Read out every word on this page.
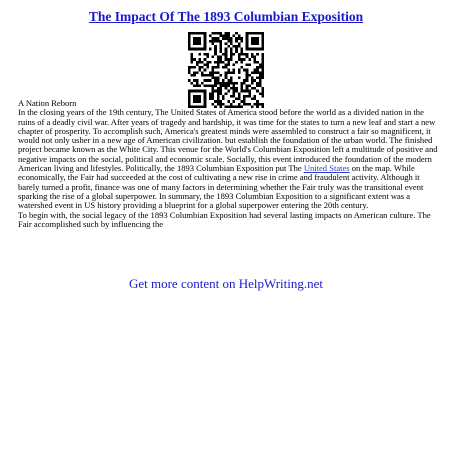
The Impact Of The 1893 Columbian Exposition

A Nation Reborn

In the closing years of the 19th century, The United States of America stood before the world as a divided nation in the ruins of a deadly civil war. After years of tragedy and hardship, it was time for the states to turn a new leaf and start a new chapter of prosperity. To accomplish such, America's greatest minds were assembled to construct a fair so magnificent, it would not only usher in a new age of American civilization. but establish the foundation of the urban world. The finished project became known as the White City. This venue for the World's Columbian Exposition left a multitude of positive and negative impacts on the social, political and economic scale. Socially, this event introduced the foundation of the modern American living and lifestyles. Politically, the 1893 Columbian Exposition put The United States on the map. While economically, the Fair had succeeded at the cost of cultivating a new rise in crime and fraudulent activity. Although it barely turned a profit, finance was one of many factors in determining whether the Fair truly was the transitional event sparking the rise of a global superpower. In summary, the 1893 Columbian Exposition to a significant extent was a watershed event in US history providing a blueprint for a global superpower entering the 20th century.

To begin with, the social legacy of the 1893 Columbian Exposition had several lasting impacts on American culture. The Fair accomplished such by influencing the

Get more content on HelpWriting.net
